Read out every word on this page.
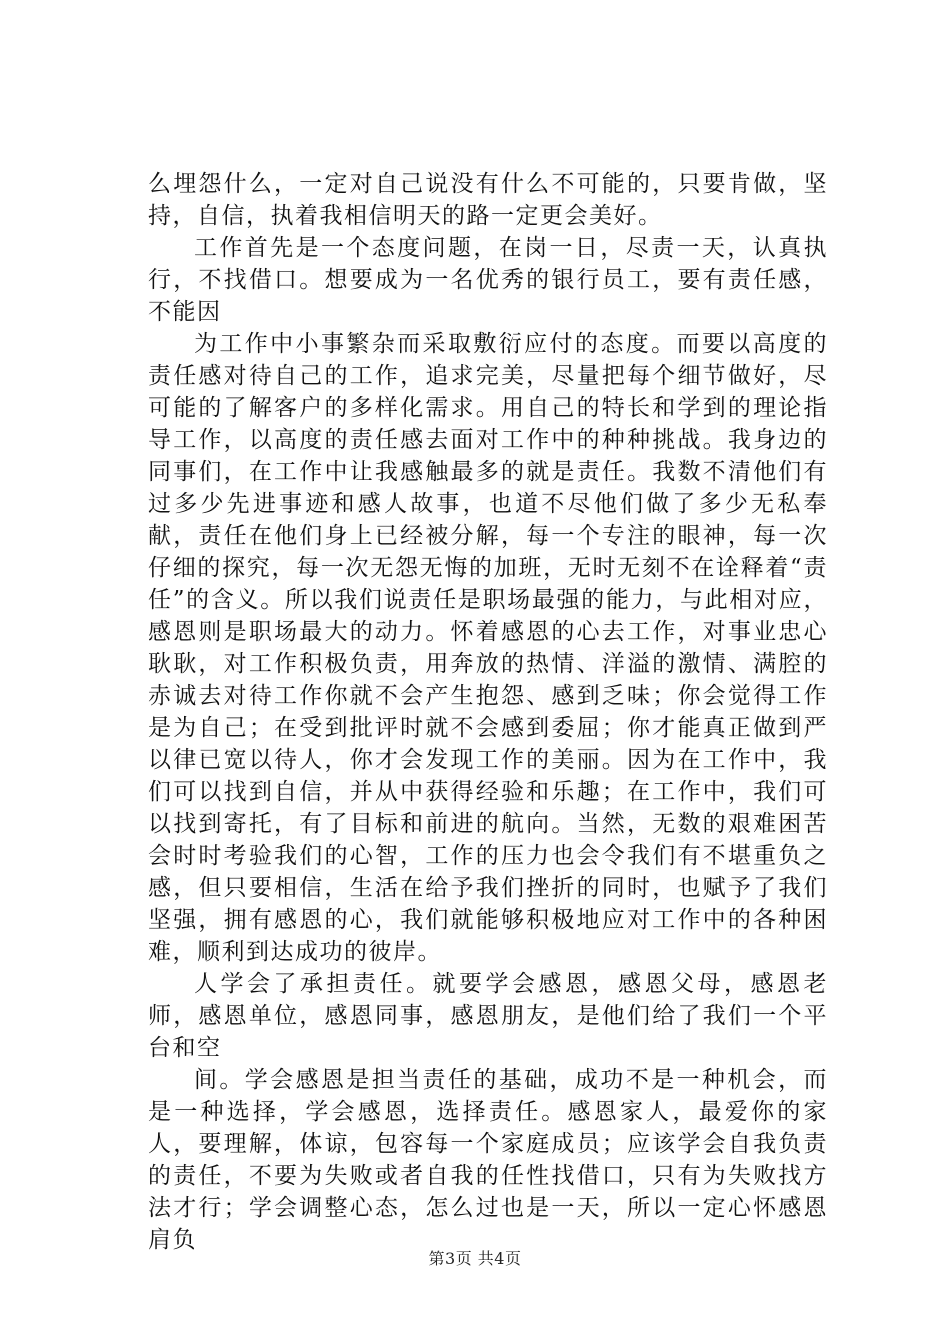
么埋怨什么，一定对自己说没有什么不可能的，只要肯做，坚持，自信，执着我相信明天的路一定更会美好。

工作首先是一个态度问题，在岗一日，尽责一天，认真执行，不找借口。想要成为一名优秀的银行员工，要有责任感，不能因

为工作中小事繁杂而采取敷衍应付的态度。而要以高度的责任感对待自己的工作，追求完美，尽量把每个细节做好，尽可能的了解客户的多样化需求。用自己的特长和学到的理论指导工作，以高度的责任感去面对工作中的种种挑战。我身边的同事们，在工作中让我感触最多的就是责任。我数不清他们有过多少先进事迹和感人故事，也道不尽他们做了多少无私奉献，责任在他们身上已经被分解，每一个专注的眼神，每一次仔细的探究，每一次无怨无悔的加班，无时无刻不在诠释着“责任”的含义。所以我们说责任是职场最强的能力，与此相对应，感恩则是职场最大的动力。怀着感恩的心去工作，对事业忠心耿耿，对工作积极负责，用奔放的热情、洋溢的激情、满腔的赤诚去对待工作你就不会产生抱怨、感到乏味；你会觉得工作是为自己；在受到批评时就不会感到委屈；你才能真正做到严以律已宽以待人，你才会发现工作的美丽。因为在工作中，我们可以找到自信，并从中获得经验和乐趣；在工作中，我们可以找到寄托，有了目标和前进的航向。当然，无数的艰难困苦会时时考验我们的心智，工作的压力也会令我们有不堪重负之感，但只要相信，生活在给予我们挫折的同时，也赋予了我们坚强，拥有感恩的心，我们就能够积极地应对工作中的各种困难，顺利到达成功的彼岸。

人学会了承担责任。就要学会感恩，感恩父母，感恩老师，感恩单位，感恩同事，感恩朋友，是他们给了我们一个平台和空

间。学会感恩是担当责任的基础，成功不是一种机会，而是一种选择，学会感恩，选择责任。感恩家人，最爱你的家人，要理解，体谅，包容每一个家庭成员；应该学会自我负责的责任，不要为失败或者自我的任性找借口，只有为失败找方法才行；学会调整心态，怎么过也是一天，所以一定心怀感恩肩负

第3页 共4页
